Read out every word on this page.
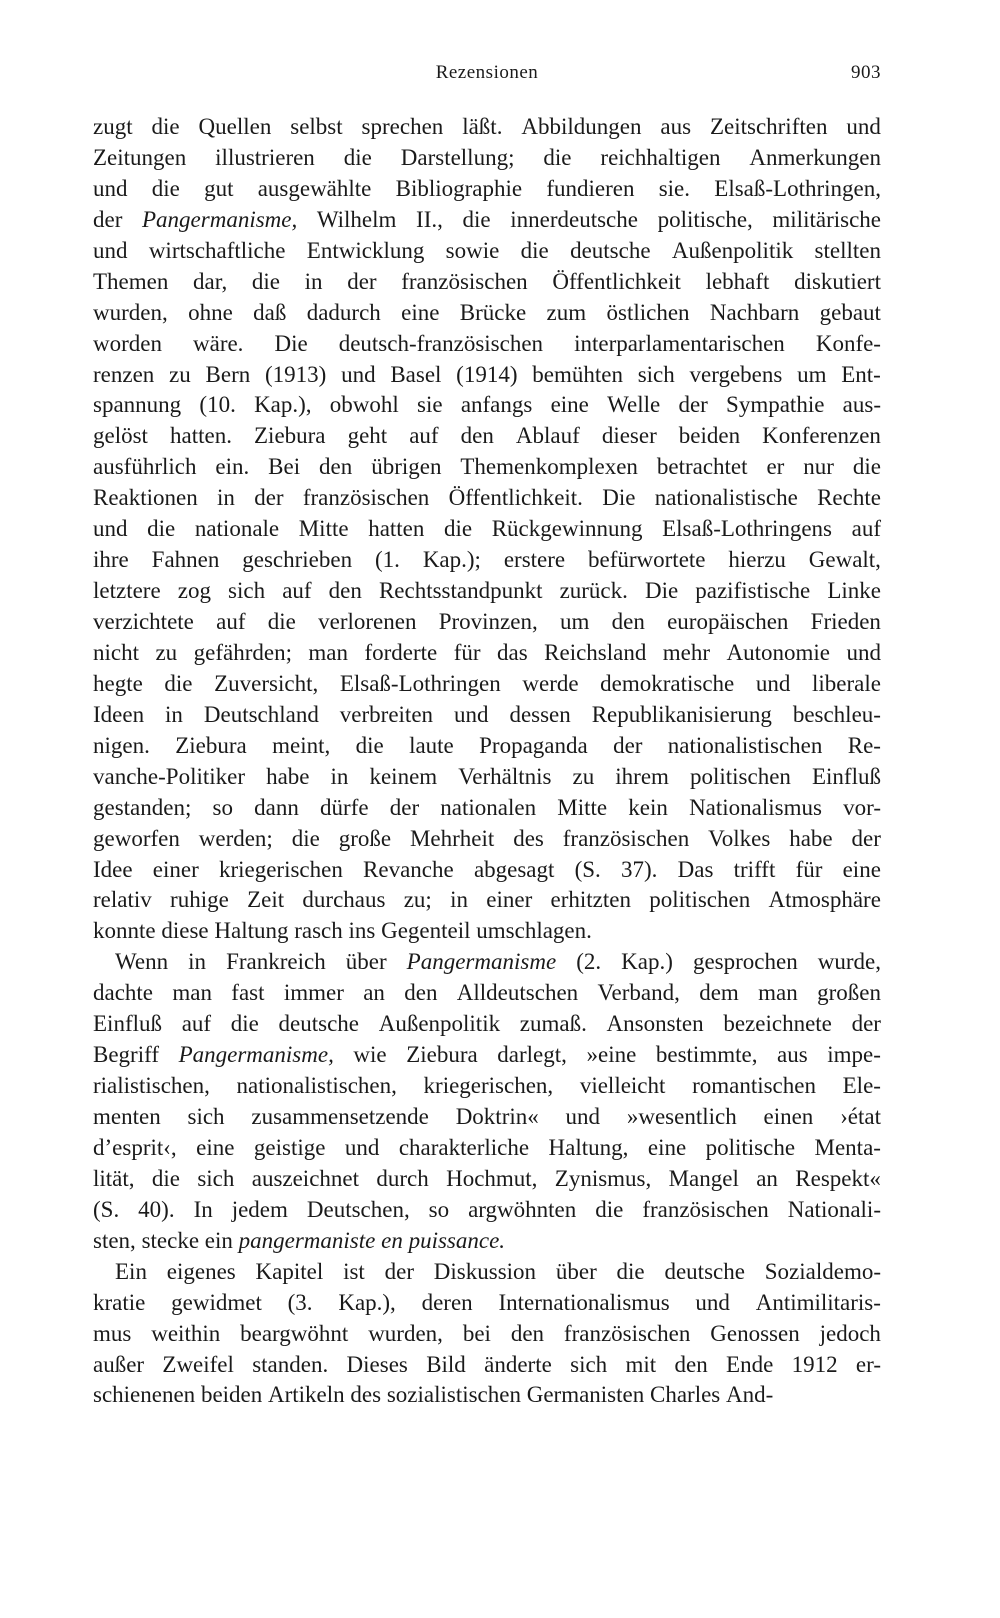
Rezensionen	903
zugt die Quellen selbst sprechen läßt. Abbildungen aus Zeitschriften und
Zeitungen illustrieren die Darstellung; die reichhaltigen Anmerkungen
und die gut ausgewählte Bibliographie fundieren sie. Elsaß-Lothringen,
der Pangermanisme, Wilhelm II., die innerdeutsche politische, militärische
und wirtschaftliche Entwicklung sowie die deutsche Außenpolitik stellten
Themen dar, die in der französischen Öffentlichkeit lebhaft diskutiert
wurden, ohne daß dadurch eine Brücke zum östlichen Nachbarn gebaut
worden wäre. Die deutsch-französischen interparlamentarischen Konfe-
renzen zu Bern (1913) und Basel (1914) bemühten sich vergebens um Ent-
spannung (10. Kap.), obwohl sie anfangs eine Welle der Sympathie aus-
gelöst hatten. Ziebura geht auf den Ablauf dieser beiden Konferenzen
ausführlich ein. Bei den übrigen Themenkomplexen betrachtet er nur die
Reaktionen in der französischen Öffentlichkeit. Die nationalistische Rechte
und die nationale Mitte hatten die Rückgewinnung Elsaß-Lothringens auf
ihre Fahnen geschrieben (1. Kap.); erstere befürwortete hierzu Gewalt,
letztere zog sich auf den Rechtsstandpunkt zurück. Die pazifistische Linke
verzichtete auf die verlorenen Provinzen, um den europäischen Frieden
nicht zu gefährden; man forderte für das Reichsland mehr Autonomie und
hegte die Zuversicht, Elsaß-Lothringen werde demokratische und liberale
Ideen in Deutschland verbreiten und dessen Republikanisierung beschleu-
nigen. Ziebura meint, die laute Propaganda der nationalistischen Re-
vanche-Politiker habe in keinem Verhältnis zu ihrem politischen Einfluß
gestanden; so dann dürfe der nationalen Mitte kein Nationalismus vor-
geworfen werden; die große Mehrheit des französischen Volkes habe der
Idee einer kriegerischen Revanche abgesagt (S. 37). Das trifft für eine
relativ ruhige Zeit durchaus zu; in einer erhitzten politischen Atmosphäre
konnte diese Haltung rasch ins Gegenteil umschlagen.
Wenn in Frankreich über Pangermanisme (2. Kap.) gesprochen wurde,
dachte man fast immer an den Alldeutschen Verband, dem man großen
Einfluß auf die deutsche Außenpolitik zumaß. Ansonsten bezeichnete der
Begriff Pangermanisme, wie Ziebura darlegt, »eine bestimmte, aus impe-
rialistischen, nationalistischen, kriegerischen, vielleicht romantischen Ele-
menten sich zusammensetzende Doktrin« und »wesentlich einen ›état
d’esprit‹, eine geistige und charakterliche Haltung, eine politische Menta-
lität, die sich auszeichnet durch Hochmut, Zynismus, Mangel an Respekt«
(S. 40). In jedem Deutschen, so argwöhnten die französischen Nationali-
sten, stecke ein pangermaniste en puissance.
Ein eigenes Kapitel ist der Diskussion über die deutsche Sozialdemo-
kratie gewidmet (3. Kap.), deren Internationalismus und Antimilitaris-
mus weithin beargwöhnt wurden, bei den französischen Genossen jedoch
außer Zweifel standen. Dieses Bild änderte sich mit den Ende 1912 er-
schienenen beiden Artikeln des sozialistischen Germanisten Charles And-
